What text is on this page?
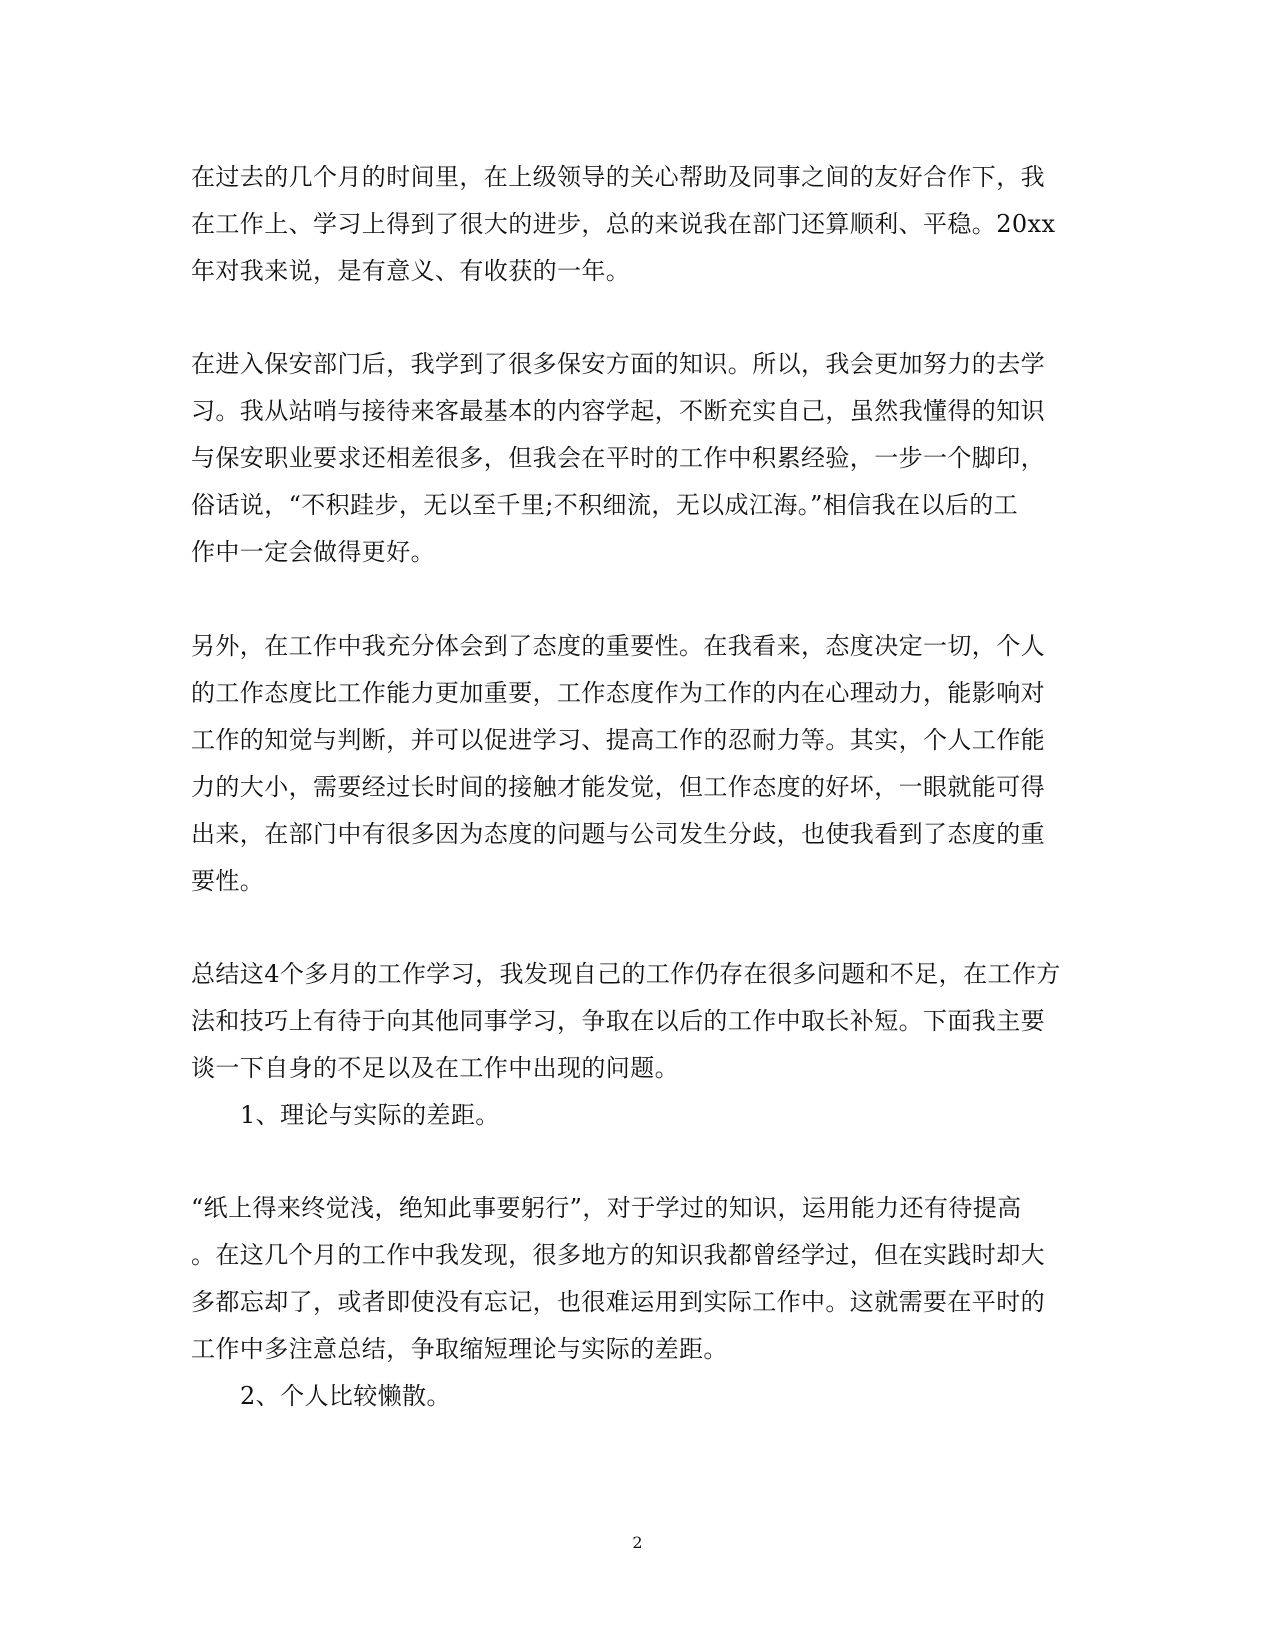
在过去的几个月的时间里，在上级领导的关心帮助及同事之间的友好合作下，我
在工作上、学习上得到了很大的进步，总的来说我在部门还算顺利、平稳。20xx
年对我来说，是有意义、有收获的一年。
在进入保安部门后，我学到了很多保安方面的知识。所以，我会更加努力的去学
习。我从站哨与接待来客最基本的内容学起，不断充实自己，虽然我懂得的知识
与保安职业要求还相差很多，但我会在平时的工作中积累经验，一步一个脚印，
俗话说，“不积跬步，无以至千里;不积细流，无以成江海。”相信我在以后的工
作中一定会做得更好。
另外，在工作中我充分体会到了态度的重要性。在我看来，态度决定一切，个人
的工作态度比工作能力更加重要，工作态度作为工作的内在心理动力，能影响对
工作的知觉与判断，并可以促进学习、提高工作的忍耐力等。其实，个人工作能
力的大小，需要经过长时间的接触才能发觉，但工作态度的好坏，一眼就能可得
出来，在部门中有很多因为态度的问题与公司发生分歧，也使我看到了态度的重
要性。
总结这4个多月的工作学习，我发现自己的工作仍存在很多问题和不足，在工作方
法和技巧上有待于向其他同事学习，争取在以后的工作中取长补短。下面我主要
谈一下自身的不足以及在工作中出现的问题。
1、理论与实际的差距。
“纸上得来终觉浅，绝知此事要躬行”，对于学过的知识，运用能力还有待提高
。在这几个月的工作中我发现，很多地方的知识我都曾经学过，但在实践时却大
多都忘却了，或者即使没有忘记，也很难运用到实际工作中。这就需要在平时的
工作中多注意总结，争取缩短理论与实际的差距。
2、个人比较懒散。
2
